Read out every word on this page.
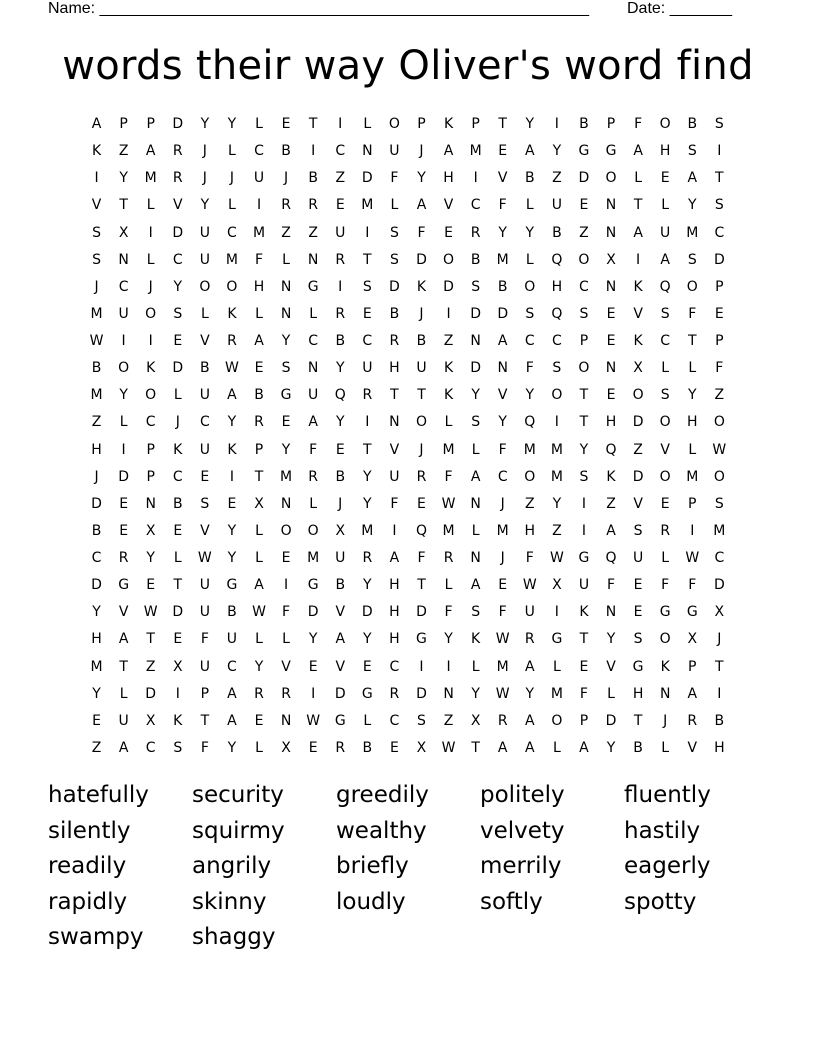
Name: _______________________________________________________ Date: _______
words their way Oliver's word find
A	P	P	D	Y	Y	L	E	T	I	L	O	P	K	P	T	Y	I	B	P	F	O	B	S
K	Z	A	R	J	L	C	B	I	C	N	U	J	A	M	E	A	Y	G	G	A	H	S	I
I	Y	M	R	J	J	U	J	B	Z	D	F	Y	H	I	V	B	Z	D	O	L	E	A	T
V	T	L	V	Y	L	I	R	R	E	M	L	A	V	C	F	L	U	E	N	T	L	Y	S
S	X	I	D	U	C	M	Z	Z	U	I	S	F	E	R	Y	Y	B	Z	N	A	U	M	C
S	N	L	C	U	M	F	L	N	R	T	S	D	O	B	M	L	Q	O	X	I	A	S	D
J	C	J	Y	O	O	H	N	G	I	S	D	K	D	S	B	O	H	C	N	K	Q	O	P
M	U	O	S	L	K	L	N	L	R	E	B	J	I	D	D	S	Q	S	E	V	S	F	E
W	I	I	E	V	R	A	Y	C	B	C	R	B	Z	N	A	C	C	P	E	K	C	T	P
B	O	K	D	B	W	E	S	N	Y	U	H	U	K	D	N	F	S	O	N	X	L	L	F
M	Y	O	L	U	A	B	G	U	Q	R	T	T	K	Y	V	Y	O	T	E	O	S	Y	Z
Z	L	C	J	C	Y	R	E	A	Y	I	N	O	L	S	Y	Q	I	T	H	D	O	H	O
H	I	P	K	U	K	P	Y	F	E	T	V	J	M	L	F	M	M	Y	Q	Z	V	L	W
J	D	P	C	E	I	T	M	R	B	Y	U	R	F	A	C	O	M	S	K	D	O	M	O
D	E	N	B	S	E	X	N	L	J	Y	F	E	W	N	J	Z	Y	I	Z	V	E	P	S
B	E	X	E	V	Y	L	O	O	X	M	I	Q	M	L	M	H	Z	I	A	S	R	I	M
C	R	Y	L	W	Y	L	E	M	U	R	A	F	R	N	J	F	W	G	Q	U	L	W	C
D	G	E	T	U	G	A	I	G	B	Y	H	T	L	A	E	W	X	U	F	E	F	F	D
Y	V	W	D	U	B	W	F	D	V	D	H	D	F	S	F	U	I	K	N	E	G	G	X
H	A	T	E	F	U	L	L	Y	A	Y	H	G	Y	K	W	R	G	T	Y	S	O	X	J
M	T	Z	X	U	C	Y	V	E	V	E	C	I	I	L	M	A	L	E	V	G	K	P	T
Y	L	D	I	P	A	R	R	I	D	G	R	D	N	Y	W	Y	M	F	L	H	N	A	I
E	U	X	K	T	A	E	N	W	G	L	C	S	Z	X	R	A	O	P	D	T	J	R	B
Z	A	C	S	F	Y	L	X	E	R	B	E	X	W	T	A	A	L	A	Y	B	L	V	H
hatefully	security	greedily	politely	fluently
silently	squirmy	wealthy	velvety	hastily
readily	angrily	briefly	merrily	eagerly
rapidly	skinny	loudly	softly	spotty
swampy	shaggy
